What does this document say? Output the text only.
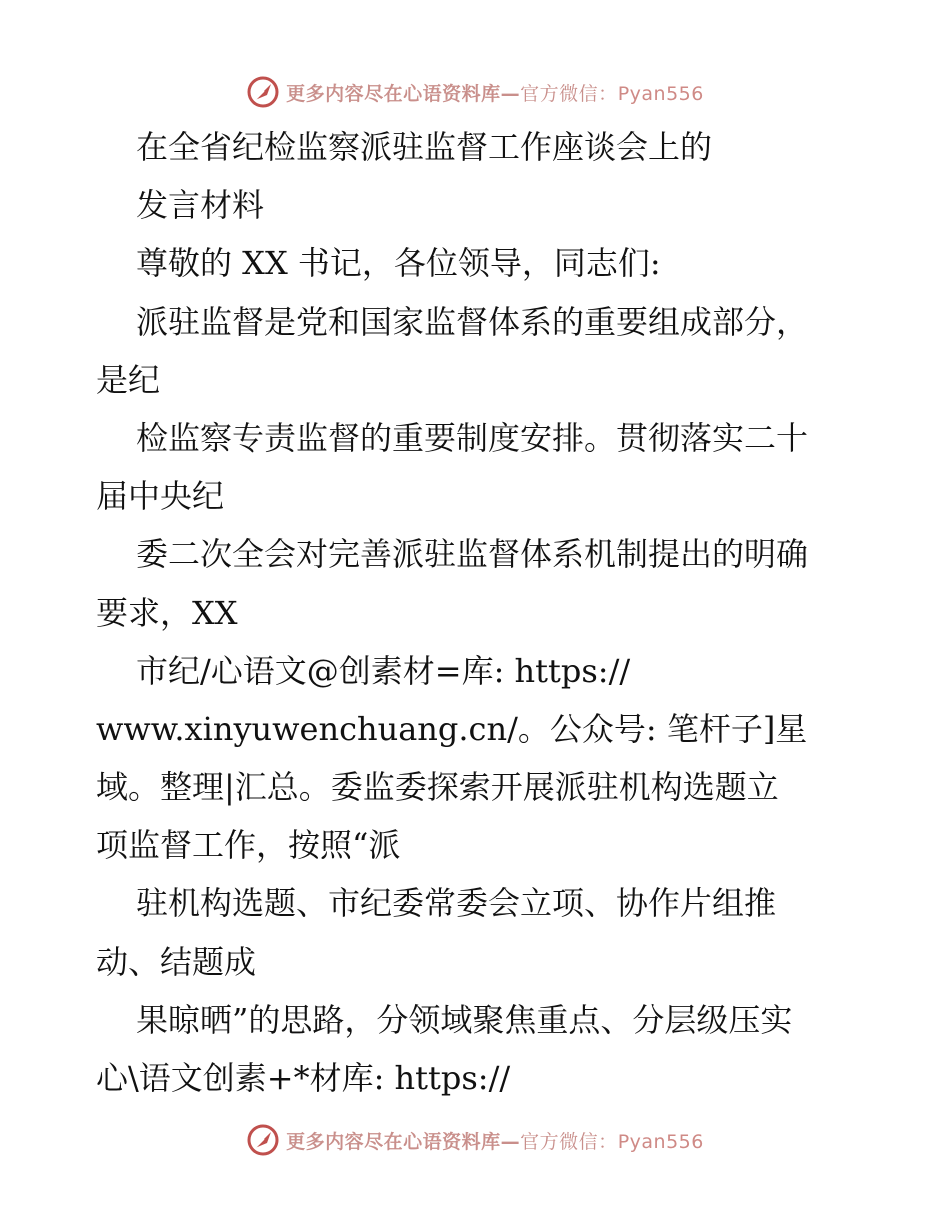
更多内容尽在心语资料库—官方微信：Pyan556
在全省纪检监察派驻监督工作座谈会上的
发言材料
尊敬的 XX 书记，各位领导，同志们:
派驻监督是党和国家监督体系的重要组成部分，
是纪
检监察专责监督的重要制度安排。贯彻落实二十
届中央纪
委二次全会对完善派驻监督体系机制提出的明确
要求，XX
市纪/心语文@创素材=库: https://
www.xinyuwenchuang.cn/。公众号: 笔杆子]星
域。整理|汇总。委监委探索开展派驻机构选题立
项监督工作，按照“派
驻机构选题、市纪委常委会立项、协作片组推
动、结题成
果晾晒”的思路，分领域聚焦重点、分层级压实
心\语文创素+*材库: https://
更多内容尽在心语资料库—官方微信：Pyan556
